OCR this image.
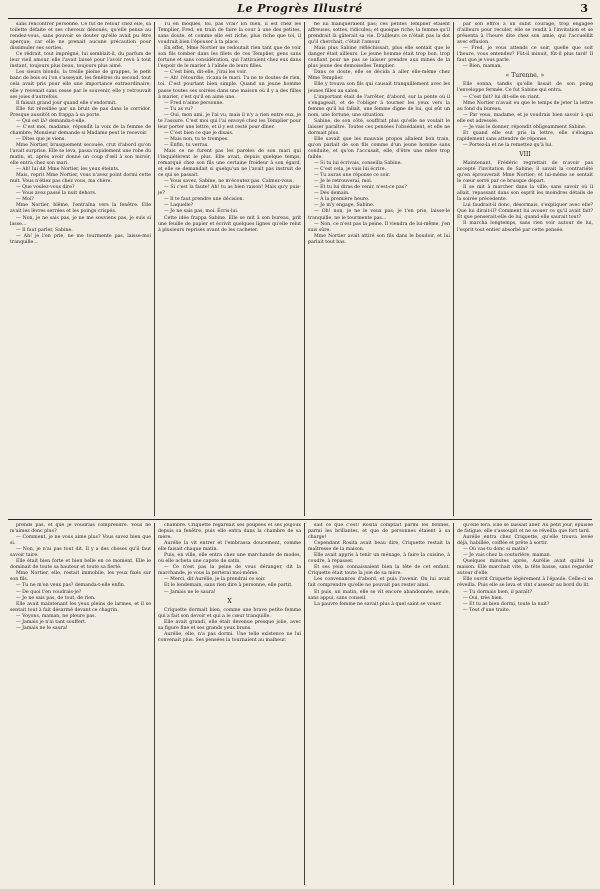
Le Progrès Illustré	3

sans rencontrer personne. Ce fut de retour chez elle, sa toilette défaite et ses cheveux dénoués, qu'elle pensa au rendez-vous, sans pouvoir se douter qu'elle avait pu être aperçue; car elle ne prenait aucune précaution pour dissimuler ses sorties.

Ce rêdrait, tout imprégné, lui semblait-il, du parfum de leur vieil amour, elle l'avait laissé pour l'avoir revu à tout instant, toujours plus beau, toujours plus aimé.

Les sieurs blonds, la treille pleine de grappes, le petit banc de bois où l'on s'asseyait, les fenêtres du second, tout cela avait pris pour elle une importance extraordinaire; elle y revenait sans cesse par le souvenir, elle y retrouvait ses joies d'autrefois.

Il faisait grand jour quand elle s'endormit.

Elle fut réveillée par un bruit de pas dans le corridor. Presque aussitôt on frappa à sa porte.

— Qui est là? demanda-t-elle.

— C'est moi, madame, répondit la voix de la femme de chambre; Monsieur demande si Madame peut le recevoir.

— Dites que je viens.

Mme Nortier, brusquement secouée, crut d'abord qu'on l'avait surprise. Elle se leva, passa rapidement une robe du matin, et, après avoir donné un coup d'œil à son miroir, elle entra chez son mari.

— Ah! lui dit Mme Nortier, les yeux éteints.

Mais, reprit Mme Nortier, vous n'avez point dormi cette nuit. Vous n'étiez pas chez vous, ma chère.

— Que voulez-vous dire?

— Vous avez passé la nuit dehors.

— Moi?

Mme Nortier, blême, l'entraîna vers la fenêtre. Elle avait les lèvres serrées et les poings crispés.

— Non, je ne sais pas, je ne me souviens pas, je suis si lasse...

— Il faut parler, Sabine.

— Ah! je l'en prie, ne me tourmente pas, laisse-moi tranquille...

Tu en moques, toi, pas vrai? Eh bien, il est chez les Templier, Fred, en train de faire la cour à une des petites, sans doute, et comme elle est riche, plus riche que toi, il voudrait bien l'épouser à ta place.

En effet, Mme Nortier ne redoutait rien tant que de voir son fils tomber dans les filets de ces Templier, gens sans fortune et sans considération, qui l'attiraient chez eux dans l'espoir de le marier à l'aînée de leurs filles.

— C'est bien, dit-elle, j'irai les voir.

— Ah! l'étourdie, ricana le mari. Tu ne te doutes de rien, toi. C'est pourtant bien simple. Quand un jeune homme passe toutes ses soirées dans une maison où il y a des filles à marier, c'est qu'il en aime une.

— Fred n'aime personne.

— Tu as vu?

— Oui, mon ami, je l'ai vu, mais il n'y a rien entre eux, je te l'assure. C'est moi qui l'ai envoyé chez les Templier pour leur porter une lettre, et il y est resté pour dîner.

— C'est bien ce que je disais.

— Mais non, tu te trompes.

— Enfin, tu verras.

Mais ce ne furent pas les paroles de son mari qui l'inquiétèrent le plus. Elle avait, depuis quelque temps, remarqué chez son fils une certaine froideur à son égard, et elle se demandait si quelqu'un ne l'avait pas instruit de ce qui se passait.

— Vous savez, Sabine, ne m'écoutez pas. Calmez-vous.

— Si c'est la faute! Ah! tu as bien raison! Mais qu'y puis-je?

— Il te faut prendre une décision.

— Laquelle?

— Je ne sais pas, moi. Écris-lui.

Cette idée frappa Sabine. Elle se mit à son bureau, prit une feuille de papier et écrivit quelques lignes qu'elle relut à plusieurs reprises avant de les cacheter.

ne lui manqueraient pas; ces petites Templier étaient affreuses, sottes, ridicules; et quoique riche, la femme qu'il prendrait là gâterait sa vie. D'ailleurs ce n'était pas la dot qu'il cherchait, c'était l'amour.

Mais plus Sabine réfléchissait, plus elle sentait que le danger était ailleurs. Le jeune homme était trop bon, trop confiant pour ne pas se laisser prendre aux mines de la plus jeune des demoiselles Templier.

Dans ce doute, elle se décida à aller elle-même chez Mme Templier.

Elle y trouva son fils qui causait tranquillement avec les jeunes filles au salon.

L'important était de l'arrêter, d'abord, sur la pente où il s'engageait, et de l'obliger à tourner les yeux vers la femme qu'il lui fallait, une femme digne de lui, qui eût un nom, une fortune, une situation.

Sabine, de son côté, souffrait plus qu'elle ne voulait le laisser paraître. Toutes ces pensées l'obsédaient, et elle ne dormait plus.

Elle savait que les mauvais propos allaient bon train, qu'on parlait de son fils comme d'un jeune homme sans conduite, et qu'on l'accusait, elle, d'être une mère trop faible.

— Si tu lui écrivais, conseilla Sabine.

— C'est cela, je vais lui écrire.

— Tu auras une réponse ce soir.

— Je le retrouverai, moi.

— Et tu lui diras de venir, n'est-ce pas?

— Dès demain.

— A la première heure.

— Je m'y engage, Sabine.

— Oh! non, je ne le veux pas; je t'en prie, laisse-le tranquille, ne le tourmente pas...

— Non, ce n'est pas la peine. Il viendra de lui-même, j'en suis sûre.

Mme Nortier avait attiré son fils dans le boudoir, et lui parlait tout bas.

par son effroi à un subit courage, trop engagée d'ailleurs pour reculer, elle se rendit à l'invitation et se présenta à l'heure dite chez son amie, qui l'accueillit avec effusion.

— Fred, je vous attends ce soir, quelle que soit l'heure, vous entendez? Fût-il minuit, fût-il plus tard! Il faut que je vous parle.

— Bien, maman.

« Turenne. »

Elle sonna, tandis qu'elle lissait de son poing l'enveloppe fermée. Ce fut Sabine qui entra.

— C'est fait? lui dit-elle en riant.

Mme Nortier n'avait eu que le temps de jeter la lettre au fond du bureau.

— Par vous, madame, et je voudrais bien savoir à qui elle est adressée.

— Je vais le donner, répondit obligeamment Sabine.

Et quand elle eut pris la lettre, elle s'éloigna rapidement sans attendre de réponse.

— Portez-la et ne la remettez qu'à lui.

VIII

Maintenant, Frédéric regrettait de n'avoir pas accepté l'invitation de Sabine; il savait la contrariété qu'en éprouverait Mme Nortier; et lui-même se sentait le cœur serré par ce brusque départ.

Il se mit à marcher dans la ville, sans savoir où il allait, repassant dans son esprit les moindres détails de la soirée précédente.

Lui faudrait-il donc, désormais, s'expliquer avec elle? Que lui dirait-il? Comment lui avouer ce qu'il avait fait? Et que penserait-elle de lui, quand elle saurait tout?

Il marcha longtemps, sans rien voir autour de lui, l'esprit tout entier absorbé par cette pensée.

prends pas, et que je voudrais comprendre. Vous ne m'aimez donc plus?

— Comment, je ne vous aime plus? Vous savez bien que si.

— Non, je n'ai pas tout dit. Il y a des choses qu'il faut savoir taire.

Elle était bien forte et bien belle en ce moment. Elle le dominait de toute sa hauteur et toute sa fierté.

Mme Nortier, elle, restait immobile, les yeux fixés sur son fils.

— Tu ne m'en veux pas? demanda-t-elle enfin.

— De quoi t'en voudrais-je?

— Je ne sais pas, de tout, de rien.

Elle avait maintenant les yeux pleins de larmes, et il se sentait tout à fait désarmé devant ce chagrin.

— Voyons, maman, ne pleure pas.

— Jamais je n'ai tant souffert.

— Jamais ne le saura!

chambre. Criquette regardait ses poupées et ses joujoux depuis sa fenêtre, puis elle entra dans la chambre de sa mère.

Aurélie la vit entrer et l'embrassa doucement, comme elle faisait chaque matin.

Puis, en ville, elle entra chez une marchande de modes, où elle acheta une capote de satin.

— Ce n'est pas la peine de vous déranger, dit la marchande, je vous la porterai moi-même.

— Merci, dit Aurélie, je la prendrai ce soir.

Et le lendemain, sans rien dire à personne, elle partit.

— Jamais ne le saura!

X

Criquette dormait bien, comme une brave petite femme qui a fait son devoir et qui a le cœur tranquille.

Elle avait grandi, elle était devenue presque jolie, avec sa figure fine et ses grands yeux bruns.

Aurélie, elle, n'a pas dormi. Une telle existence ne lui convenait plus. Ses pensées la tournaient au malheur.

sait ce que c'est! Rosita comptait parmi les bonnes, parmi les brillantes, et que de personnes étaient à sa charge!

Cependant Rosita avait beau dire, Criquette restait la maîtresse de la maison.

Elle avait appris à tenir un ménage, à faire la cuisine, à coudre, à repasser.

Et ses yeux connaissaient bien la tête de cet enfant. Criquette était toute la joie de sa mère.

Les convenances d'abord, et puis l'avenir. On lui avait fait comprendre qu'elle ne pouvait pas rester ainsi.

Et puis, un matin, elle se vit encore abandonnée, seule, sans appui, sans conseil.

La pauvre femme ne savait plus à quel saint se vouer.

qu'elle fera. Elle se laissait aller. Au petit jour, épuisée de fatigue, elle s'assoupit et ne se réveilla que fort tard.

Aurélie entra chez Criquette, qu'elle trouva levée déjà, habillée, coiffée et prête à sortir.

— Où vas-tu donc si matin?

— Je vais chez la couturière, maman.

Quelques minutes après, Aurélie avait quitté la maison. Elle marchait vite, la tête basse, sans regarder autour d'elle.

Elle ouvrit Criquette légèrement à l'épaule. Celle-ci se réveilla. Puis elle se leva et vint s'asseoir au bord du lit.

— Tu dormais bien, il paraît?

— Oui, très bien.

— Et tu as bien dormi, toute la nuit?

— Tout d'une traite.
